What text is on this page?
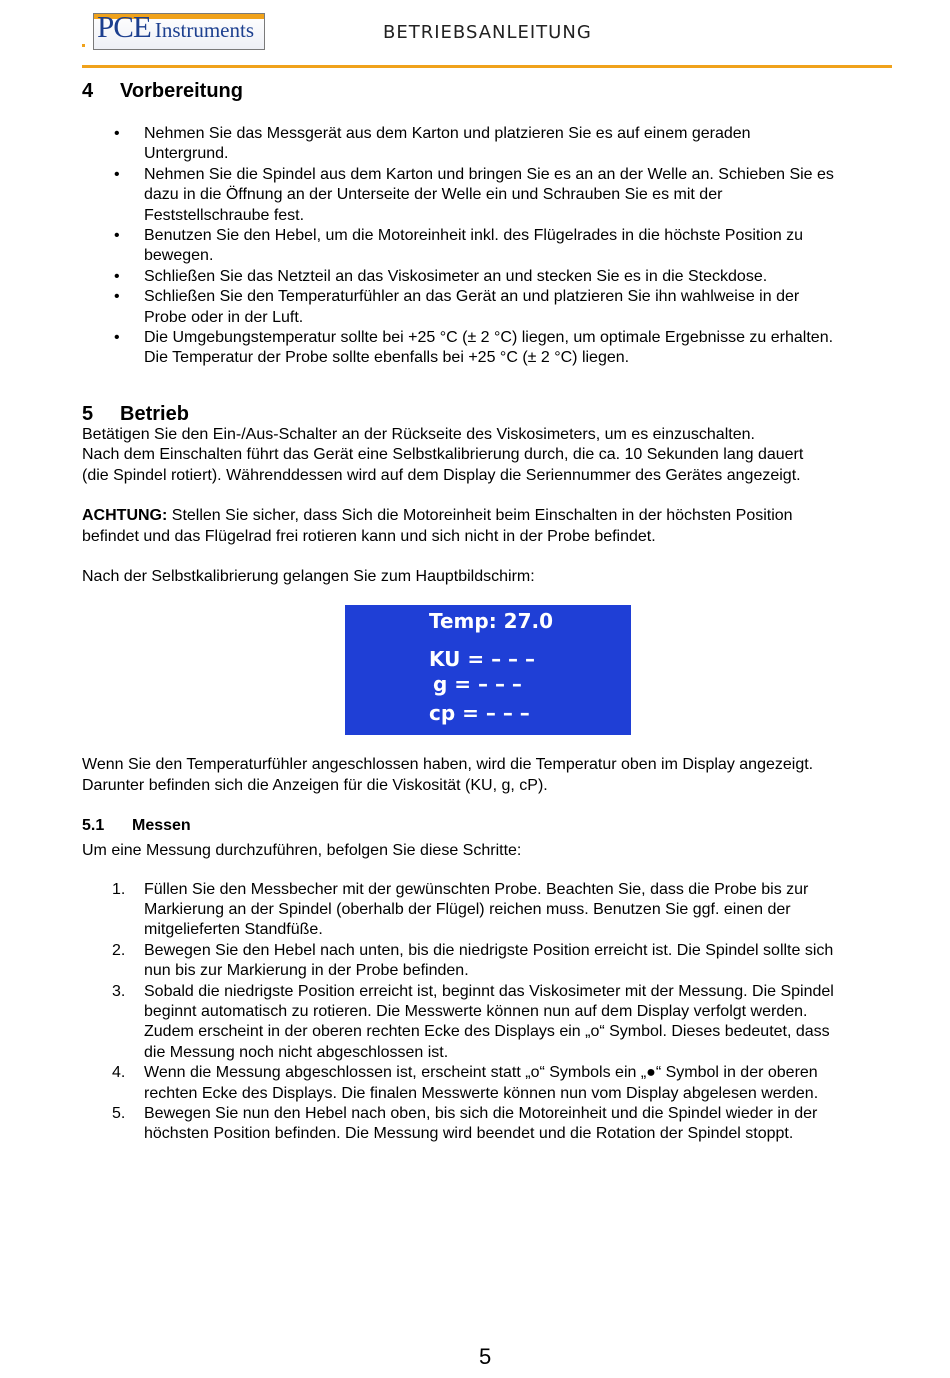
PCE Instruments	BETRIEBSANLEITUNG
4 Vorbereitung
• Nehmen Sie das Messgerät aus dem Karton und platzieren Sie es auf einem geraden
Untergrund.
• Nehmen Sie die Spindel aus dem Karton und bringen Sie es an an der Welle an. Schieben Sie es
dazu in die Öffnung an der Unterseite der Welle ein und Schrauben Sie es mit der
Feststellschraube fest.
• Benutzen Sie den Hebel, um die Motoreinheit inkl. des Flügelrades in die höchste Position zu
bewegen.
• Schließen Sie das Netzteil an das Viskosimeter an und stecken Sie es in die Steckdose.
• Schließen Sie den Temperaturfühler an das Gerät an und platzieren Sie ihn wahlweise in der
Probe oder in der Luft.
• Die Umgebungstemperatur sollte bei +25 °C (± 2 °C) liegen, um optimale Ergebnisse zu erhalten.
Die Temperatur der Probe sollte ebenfalls bei +25 °C (± 2 °C) liegen.
5 Betrieb

Betätigen Sie den Ein-/Aus-Schalter an der Rückseite des Viskosimeters, um es einzuschalten.
Nach dem Einschalten führt das Gerät eine Selbstkalibrierung durch, die ca. 10 Sekunden lang dauert
(die Spindel rotiert). Währenddessen wird auf dem Display die Seriennummer des Gerätes angezeigt.

ACHTUNG: Stellen Sie sicher, dass Sich die Motoreinheit beim Einschalten in der höchsten Position
befindet und das Flügelrad frei rotieren kann und sich nicht in der Probe befindet.

Nach der Selbstkalibrierung gelangen Sie zum Hauptbildschirm:

Temp: 27.0
KU = – – –
g = – – –
cp = – – –

Wenn Sie den Temperaturfühler angeschlossen haben, wird die Temperatur oben im Display angezeigt.
Darunter befinden sich die Anzeigen für die Viskosität (KU, g, cP).

5.1 Messen

Um eine Messung durchzuführen, befolgen Sie diese Schritte:

1. Füllen Sie den Messbecher mit der gewünschten Probe. Beachten Sie, dass die Probe bis zur
Markierung an der Spindel (oberhalb der Flügel) reichen muss. Benutzen Sie ggf. einen der
mitgelieferten Standfüße.
2. Bewegen Sie den Hebel nach unten, bis die niedrigste Position erreicht ist. Die Spindel sollte sich
nun bis zur Markierung in der Probe befinden.
3. Sobald die niedrigste Position erreicht ist, beginnt das Viskosimeter mit der Messung. Die Spindel
beginnt automatisch zu rotieren. Die Messwerte können nun auf dem Display verfolgt werden.
Zudem erscheint in der oberen rechten Ecke des Displays ein „o“ Symbol. Dieses bedeutet, dass
die Messung noch nicht abgeschlossen ist.
4. Wenn die Messung abgeschlossen ist, erscheint statt „o“ Symbols ein „●“ Symbol in der oberen
rechten Ecke des Displays. Die finalen Messwerte können nun vom Display abgelesen werden.
5. Bewegen Sie nun den Hebel nach oben, bis sich die Motoreinheit und die Spindel wieder in der
höchsten Position befinden. Die Messung wird beendet und die Rotation der Spindel stoppt.
5
